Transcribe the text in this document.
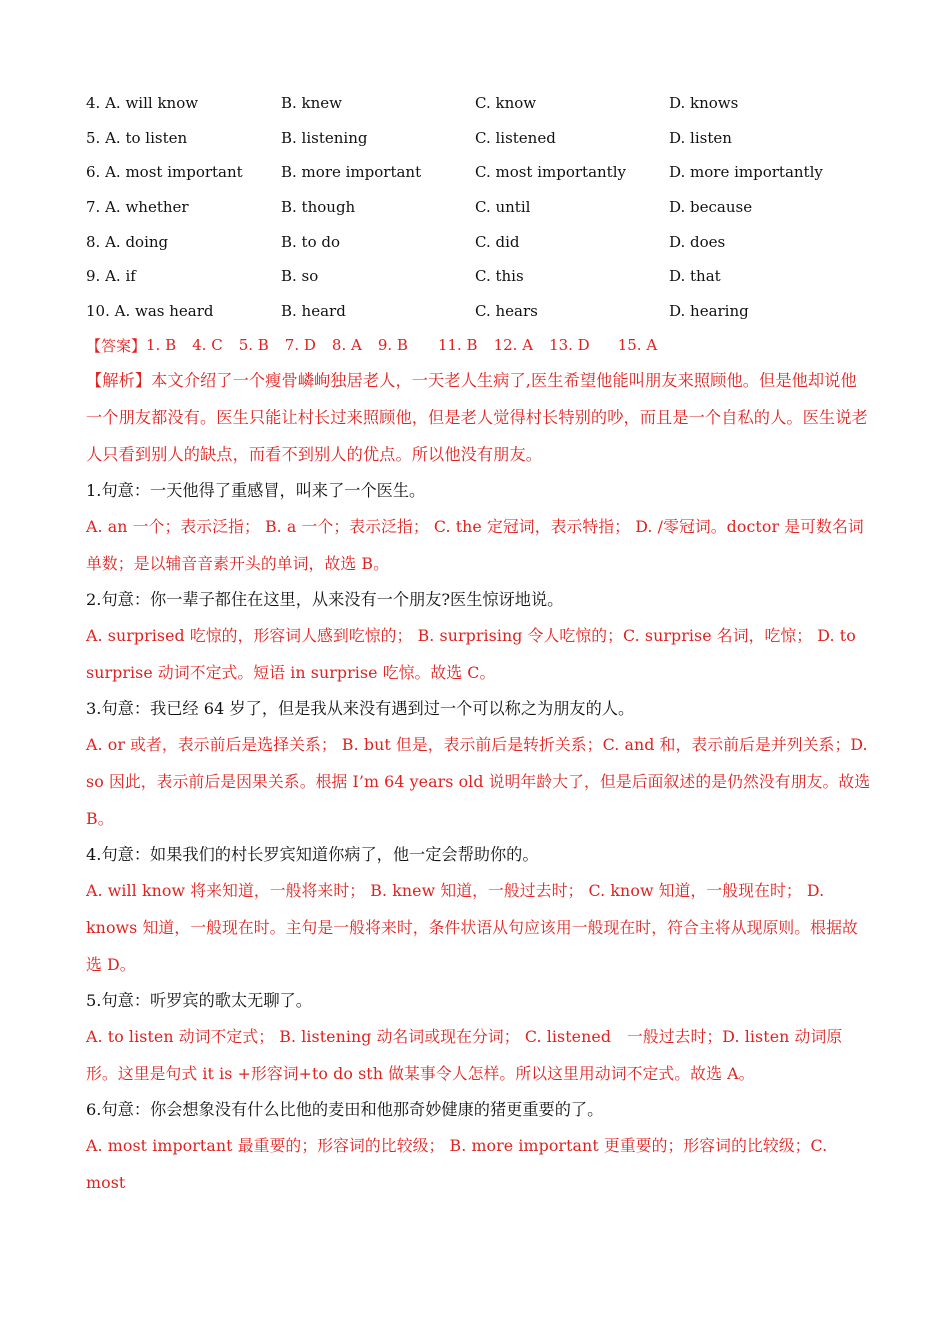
4. A. will know	B. knew	C. know	D. knows
5. A. to listen	B. listening	C. listened	D. listen
6. A. most important	B. more important	C. most importantly	D. more importantly
7. A. whether	B. though	C. until	D. because
8. A. doing	B. to do	C. did	D. does
9. A. if	B. so	C. this	D. that
10. A. was heard	B. heard	C. hears	D. hearing
【答案】 1. B 4. C 5. B 7. D 8. A 9. B 11. B 12. A 13. D 15. A

【解析】本文介绍了一个瘦骨嶙峋独居老人，一天老人生病了,医生希望他能叫朋友来照顾他。但是他却说他一个朋友都没有。医生只能让村长过来照顾他，但是老人觉得村长特别的吵，而且是一个自私的人。医生说老人只看到别人的缺点，而看不到别人的优点。所以他没有朋友。

1.句意：一天他得了重感冒，叫来了一个医生。

A. an 一个；表示泛指； B. a 一个；表示泛指； C. the 定冠词，表示特指； D. /零冠词。doctor 是可数名词单数；是以辅音音素开头的单词，故选 B。

2.句意：你一辈子都住在这里，从来没有一个朋友?医生惊讶地说。

A. surprised 吃惊的，形容词人感到吃惊的； B. surprising 令人吃惊的；C. surprise 名词，吃惊； D. to surprise 动词不定式。短语 in surprise 吃惊。故选 C。

3.句意：我已经 64 岁了，但是我从来没有遇到过一个可以称之为朋友的人。

A. or 或者，表示前后是选择关系； B. but 但是，表示前后是转折关系；C. and 和，表示前后是并列关系；D. so 因此，表示前后是因果关系。根据 I’m 64 years old 说明年龄大了，但是后面叙述的是仍然没有朋友。故选 B。

4.句意：如果我们的村长罗宾知道你病了，他一定会帮助你的。

A. will know 将来知道，一般将来时； B. knew 知道，一般过去时； C. know 知道，一般现在时； D. knows 知道，一般现在时。主句是一般将来时，条件状语从句应该用一般现在时，符合主将从现原则。根据故选 D。

5.句意：听罗宾的歌太无聊了。

A. to listen 动词不定式； B. listening 动名词或现在分词； C. listened　一般过去时；D. listen 动词原形。这里是句式 it is +形容词+to do sth 做某事令人怎样。所以这里用动词不定式。故选 A。

6.句意：你会想象没有什么比他的麦田和他那奇妙健康的猪更重要的了。

A. most important 最重要的；形容词的比较级； B. more important 更重要的；形容词的比较级；C. most
